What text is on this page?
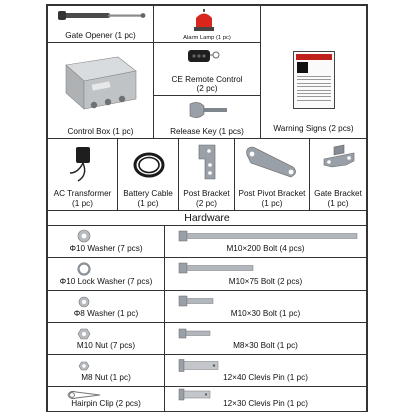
Gate Opener (1 pc)	Alarm Lamp (1 pc)
Warning Signs (2 pcs)
Control Box (1 pc)
CE Remote Control
(2 pc)
Release Key (1 pcs)
AC Transformer
(1 pc)
Battery Cable
(1 pc)
Post Bracket
(2 pc)
Post Pivot Bracket
(1 pc)
Gate Bracket
(1 pc)
Hardware
Φ10 Washer (7 pcs)
Φ10 Lock Washer (7 pcs)
Φ8 Washer (1 pc)
M10 Nut (7 pcs)
M8 Nut (1 pc)
Hairpin Clip (2 pcs)
M10×200 Bolt (4 pcs)
M10×75 Bolt (2 pcs)
M10×30 Bolt (1 pc)
M8×30 Bolt (1 pc)
12×40 Clevis Pin (1 pc)
12×30 Clevis Pin (1 pc)
